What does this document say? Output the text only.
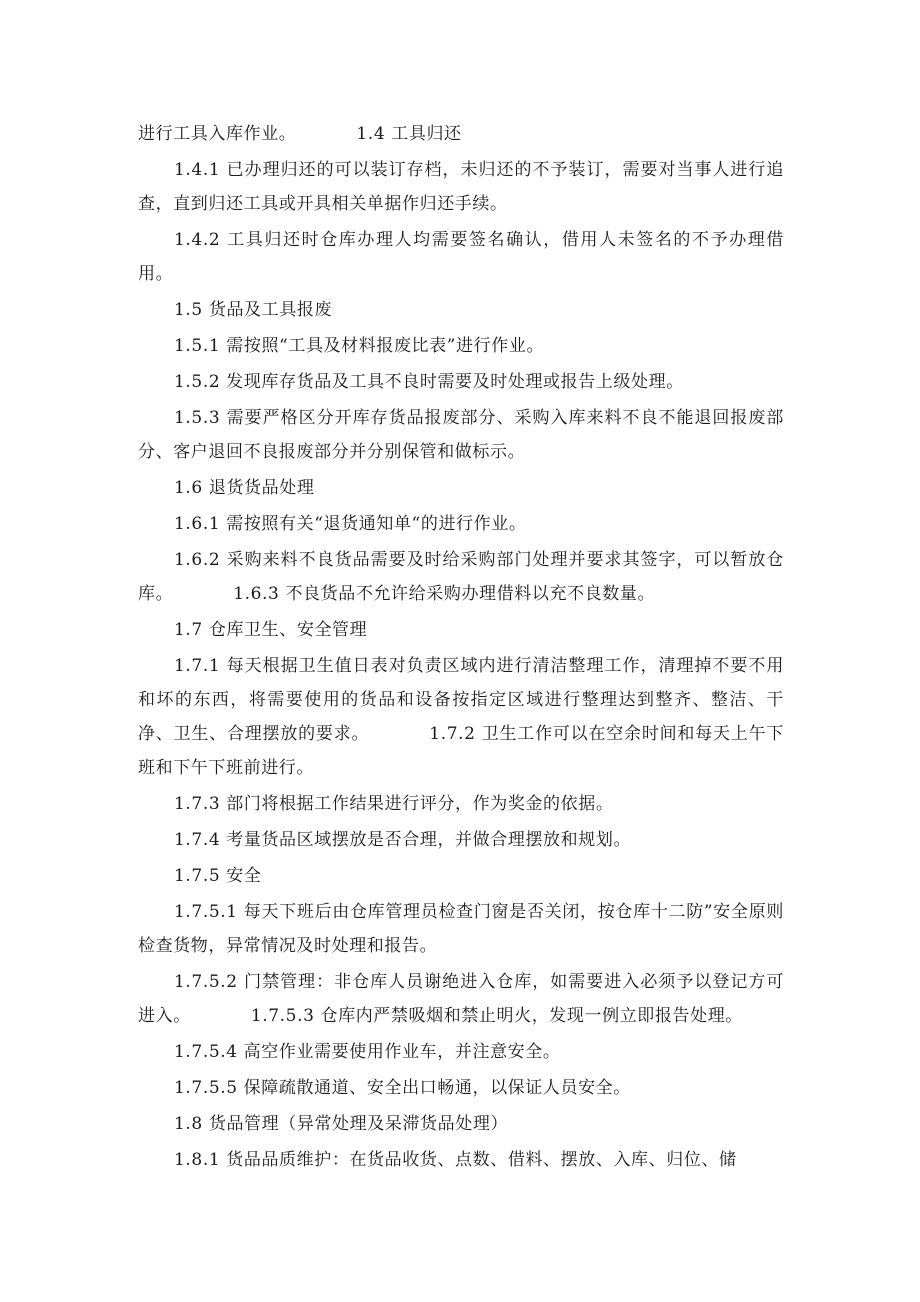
进行工具入库作业。	1.4 工具归还

1.4.1 已办理归还的可以装订存档，未归还的不予装订，需要对当事人进行追查，直到归还工具或开具相关单据作归还手续。

1.4.2 工具归还时仓库办理人均需要签名确认，借用人未签名的不予办理借用。

1.5 货品及工具报废

1.5.1 需按照“工具及材料报废比表”进行作业。

1.5.2 发现库存货品及工具不良时需要及时处理或报告上级处理。

1.5.3 需要严格区分开库存货品报废部分、采购入库来料不良不能退回报废部分、客户退回不良报废部分并分别保管和做标示。

1.6 退货货品处理

1.6.1 需按照有关“退货通知单“的进行作业。

1.6.2 采购来料不良货品需要及时给采购部门处理并要求其签字，可以暂放仓库。	1.6.3 不良货品不允许给采购办理借料以充不良数量。

1.7 仓库卫生、安全管理

1.7.1 每天根据卫生值日表对负责区域内进行清洁整理工作，清理掉不要不用和坏的东西，将需要使用的货品和设备按指定区域进行整理达到整齐、整洁、干净、卫生、合理摆放的要求。	1.7.2 卫生工作可以在空余时间和每天上午下班和下午下班前进行。

1.7.3 部门将根据工作结果进行评分，作为奖金的依据。

1.7.4 考量货品区域摆放是否合理，并做合理摆放和规划。

1.7.5 安全

1.7.5.1 每天下班后由仓库管理员检查门窗是否关闭，按仓库十二防”安全原则检查货物，异常情况及时处理和报告。

1.7.5.2 门禁管理：非仓库人员谢绝进入仓库，如需要进入必须予以登记方可进入。	1.7.5.3 仓库内严禁吸烟和禁止明火，发现一例立即报告处理。

1.7.5.4 高空作业需要使用作业车，并注意安全。

1.7.5.5 保障疏散通道、安全出口畅通，以保证人员安全。

1.8 货品管理（异常处理及呆滞货品处理）

1.8.1 货品品质维护：在货品收货、点数、借料、摆放、入库、归位、储
